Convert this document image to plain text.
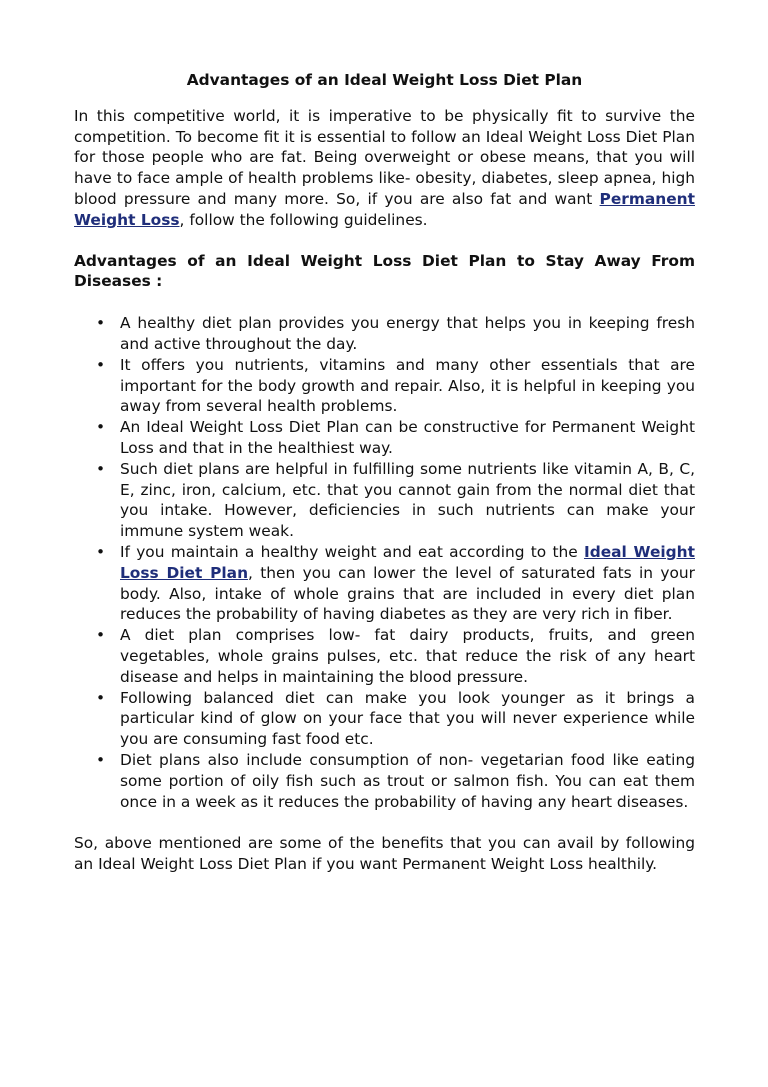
Advantages of an Ideal Weight Loss Diet Plan

In this competitive world, it is imperative to be physically fit to survive the competition. To become fit it is essential to follow an Ideal Weight Loss Diet Plan for those people who are fat. Being overweight or obese means, that you will have to face ample of health problems like- obesity, diabetes, sleep apnea, high blood pressure and many more. So, if you are also fat and want Permanent Weight Loss, follow the following guidelines.

Advantages of an Ideal Weight Loss Diet Plan to Stay Away From Diseases :

• A healthy diet plan provides you energy that helps you in keeping fresh and active throughout the day.
• It offers you nutrients, vitamins and many other essentials that are important for the body growth and repair. Also, it is helpful in keeping you away from several health problems.
• An Ideal Weight Loss Diet Plan can be constructive for Permanent Weight Loss and that in the healthiest way.
• Such diet plans are helpful in fulfilling some nutrients like vitamin A, B, C, E, zinc, iron, calcium, etc. that you cannot gain from the normal diet that you intake. However, deficiencies in such nutrients can make your immune system weak.
• If you maintain a healthy weight and eat according to the Ideal Weight Loss Diet Plan, then you can lower the level of saturated fats in your body. Also, intake of whole grains that are included in every diet plan reduces the probability of having diabetes as they are very rich in fiber.
• A diet plan comprises low- fat dairy products, fruits, and green vegetables, whole grains pulses, etc. that reduce the risk of any heart disease and helps in maintaining the blood pressure.
• Following balanced diet can make you look younger as it brings a particular kind of glow on your face that you will never experience while you are consuming fast food etc.
• Diet plans also include consumption of non- vegetarian food like eating some portion of oily fish such as trout or salmon fish. You can eat them once in a week as it reduces the probability of having any heart diseases.

So, above mentioned are some of the benefits that you can avail by following an Ideal Weight Loss Diet Plan if you want Permanent Weight Loss healthily.
